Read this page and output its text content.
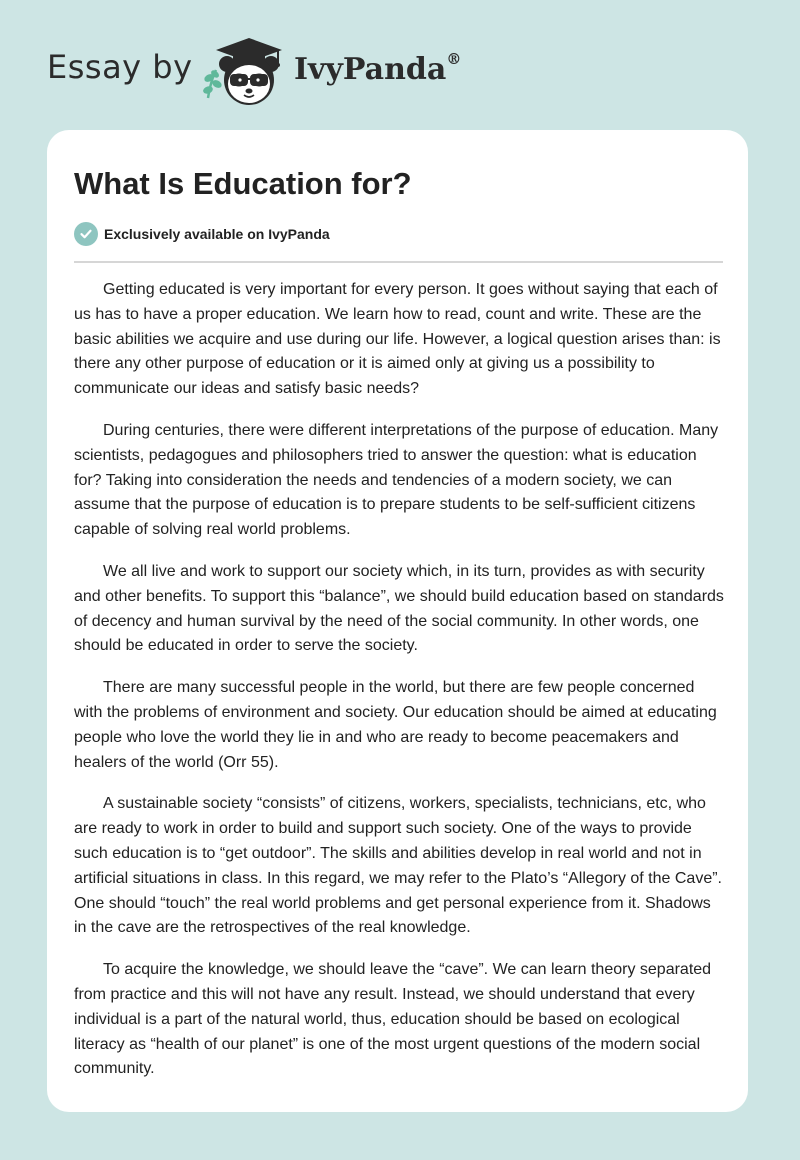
Essay by	IvyPanda®
What Is Education for?
Exclusively available on IvyPanda

Getting educated is very important for every person. It goes without saying that each of us has to have a proper education. We learn how to read, count and write. These are the basic abilities we acquire and use during our life. However, a logical question arises than: is there any other purpose of education or it is aimed only at giving us a possibility to communicate our ideas and satisfy basic needs?

During centuries, there were different interpretations of the purpose of education. Many scientists, pedagogues and philosophers tried to answer the question: what is education for? Taking into consideration the needs and tendencies of a modern society, we can assume that the purpose of education is to prepare students to be self-sufficient citizens capable of solving real world problems.

We all live and work to support our society which, in its turn, provides as with security and other benefits. To support this “balance”, we should build education based on standards of decency and human survival by the need of the social community. In other words, one should be educated in order to serve the society.

There are many successful people in the world, but there are few people concerned with the problems of environment and society. Our education should be aimed at educating people who love the world they lie in and who are ready to become peacemakers and healers of the world (Orr 55).

A sustainable society “consists” of citizens, workers, specialists, technicians, etc, who are ready to work in order to build and support such society. One of the ways to provide such education is to “get outdoor”. The skills and abilities develop in real world and not in artificial situations in class. In this regard, we may refer to the Plato’s “Allegory of the Cave”. One should “touch” the real world problems and get personal experience from it. Shadows in the cave are the retrospectives of the real knowledge.

To acquire the knowledge, we should leave the “cave”. We can learn theory separated from practice and this will not have any result. Instead, we should understand that every individual is a part of the natural world, thus, education should be based on ecological literacy as “health of our planet” is one of the most urgent questions of the modern social community.
